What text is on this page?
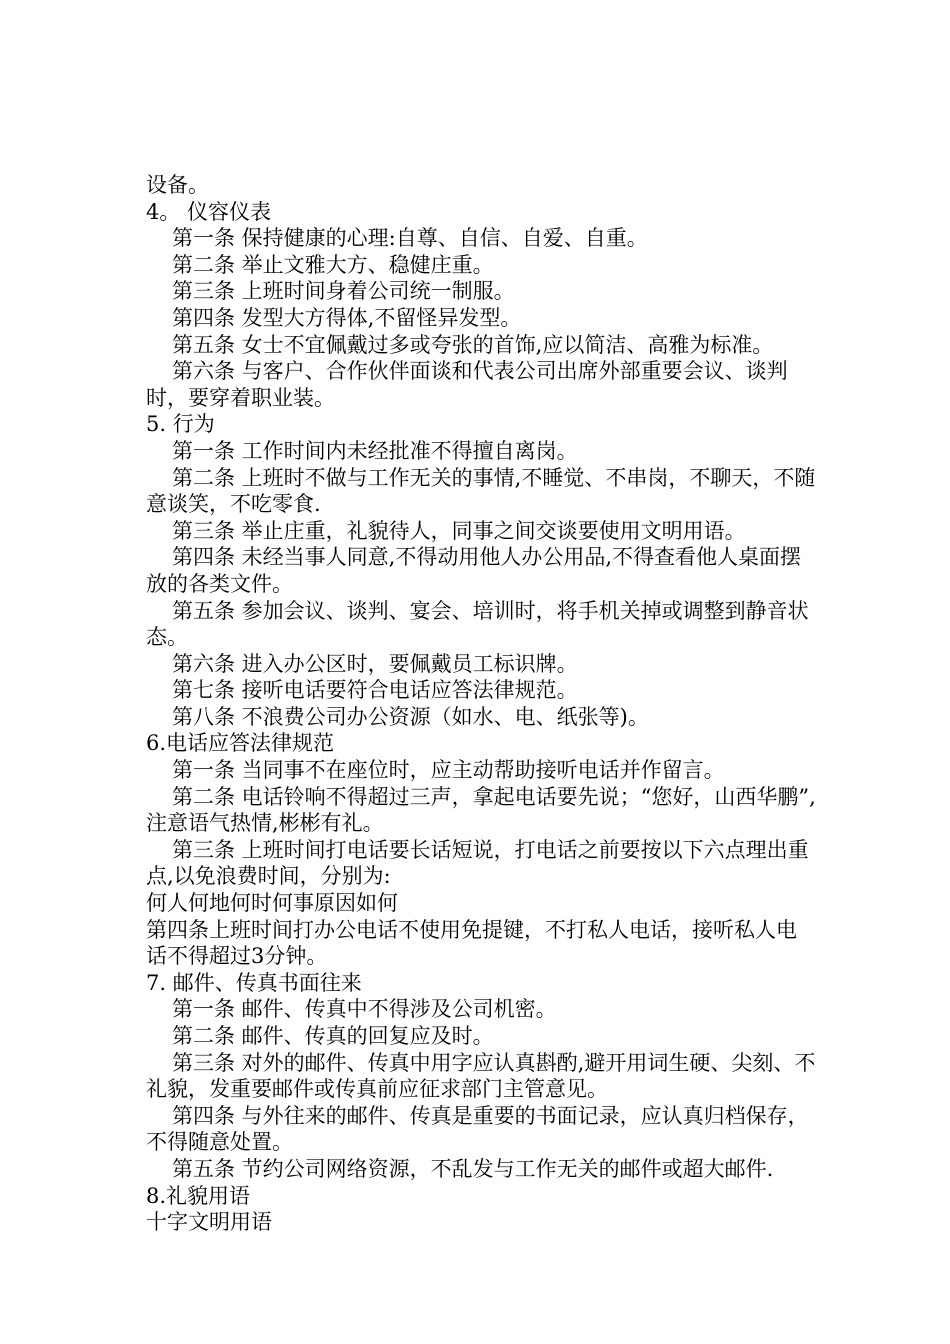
设备。

4。 仪容仪表

第一条 保持健康的心理:自尊、自信、自爱、自重。

第二条 举止文雅大方、稳健庄重。

第三条 上班时间身着公司统一制服。

第四条 发型大方得体,不留怪异发型。

第五条 女士不宜佩戴过多或夸张的首饰,应以简洁、高雅为标准。

第六条 与客户、合作伙伴面谈和代表公司出席外部重要会议、谈判时，要穿着职业装。

5. 行为

第一条 工作时间内未经批准不得擅自离岗。

第二条 上班时不做与工作无关的事情,不睡觉、不串岗，不聊天，不随意谈笑，不吃零食.

第三条 举止庄重，礼貌待人，同事之间交谈要使用文明用语。

第四条 未经当事人同意,不得动用他人办公用品,不得查看他人桌面摆放的各类文件。

第五条 参加会议、谈判、宴会、培训时，将手机关掉或调整到静音状态。

第六条 进入办公区时，要佩戴员工标识牌。

第七条 接听电话要符合电话应答法律规范。

第八条 不浪费公司办公资源（如水、电、纸张等)。

6.电话应答法律规范

第一条 当同事不在座位时，应主动帮助接听电话并作留言。

第二条 电话铃响不得超过三声，拿起电话要先说；“您好，山西华鹏”,注意语气热情,彬彬有礼。

第三条 上班时间打电话要长话短说，打电话之前要按以下六点理出重点,以免浪费时间，分别为:

何人何地何时何事原因如何

第四条上班时间打办公电话不使用免提键，不打私人电话，接听私人电话不得超过3分钟。

7. 邮件、传真书面往来

第一条 邮件、传真中不得涉及公司机密。

第二条 邮件、传真的回复应及时。

第三条 对外的邮件、传真中用字应认真斟酌,避开用词生硬、尖刻、不礼貌，发重要邮件或传真前应征求部门主管意见。

第四条 与外往来的邮件、传真是重要的书面记录，应认真归档保存，不得随意处置。

第五条 节约公司网络资源，不乱发与工作无关的邮件或超大邮件.

8.礼貌用语

十字文明用语
